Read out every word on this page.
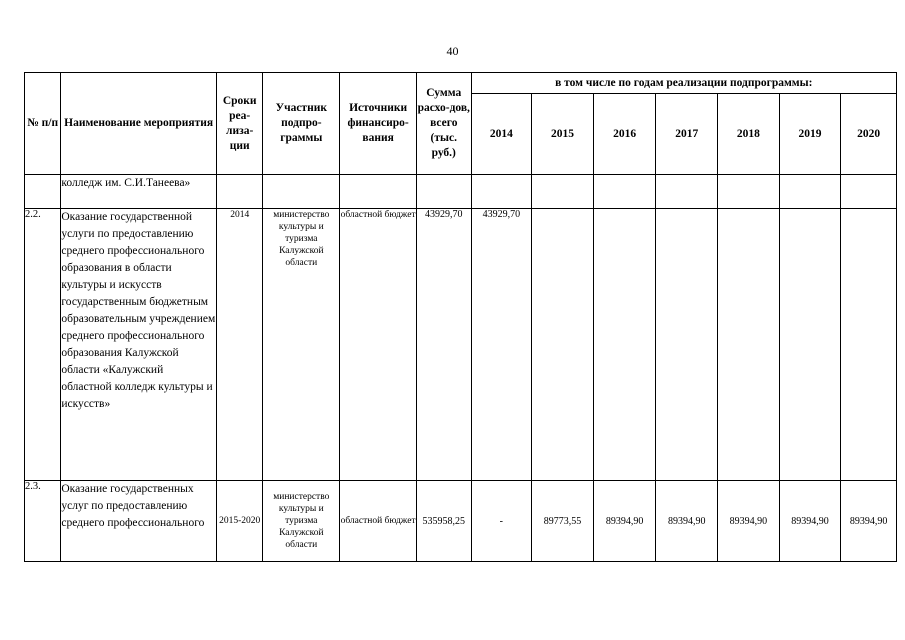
40
№ п/п	Наименование мероприятия	Сроки реа-лиза-ции	Участник подпро-граммы	Источники финансиро-вания	Сумма расхо-дов, всего (тыс. руб.)	в том числе по годам реализации подпрограммы:						
						2014	2015	2016	2017	2018	2019	2020
	колледж им. С.И.Танеева»											
2.2.	Оказание государственной услуги по предоставлению среднего профессионального образования в области культуры и искусств государственным бюджетным образовательным учреждением среднего профессионального образования Калужской области «Калужский областной колледж культуры и искусств»	2014	министерство культуры и туризма Калужской области	областной бюджет	43929,70	43929,70						
2.3.	Оказание государственных услуг по предоставлению среднего профессионального	2015-2020	министерство культуры и туризма Калужской области	областной бюджет	535958,25	-	89773,55	89394,90	89394,90	89394,90	89394,90	89394,90
